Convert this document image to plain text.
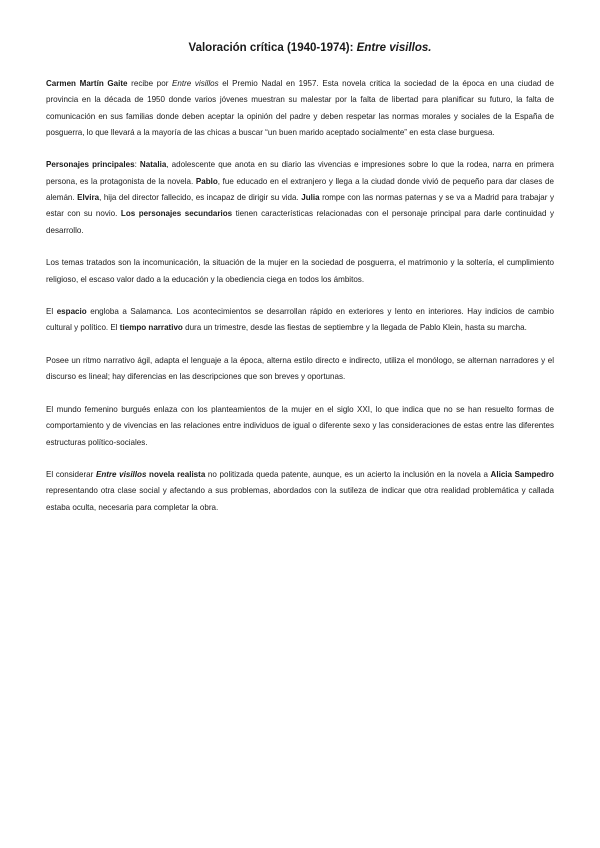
Valoración crítica (1940-1974): Entre visillos.

Carmen Martín Gaite recibe por Entre visillos el Premio Nadal en 1957. Esta novela critica la sociedad de la época en una ciudad de provincia en la década de 1950 donde varios jóvenes muestran su malestar por la falta de libertad para planificar su futuro, la falta de comunicación en sus familias donde deben aceptar la opinión del padre y deben respetar las normas morales y sociales de la España de posguerra, lo que llevará a la mayoría de las chicas a buscar “un buen marido aceptado socialmente” en esta clase burguesa.

Personajes principales: Natalia, adolescente que anota en su diario las vivencias e impresiones sobre lo que la rodea, narra en primera persona, es la protagonista de la novela. Pablo, fue educado en el extranjero y llega a la ciudad donde vivió de pequeño para dar clases de alemán. Elvira, hija del director fallecido, es incapaz de dirigir su vida. Julia rompe con las normas paternas y se va a Madrid para trabajar y estar con su novio. Los personajes secundarios tienen características relacionadas con el personaje principal para darle continuidad y desarrollo.

Los temas tratados son la incomunicación, la situación de la mujer en la sociedad de posguerra, el matrimonio y la soltería, el cumplimiento religioso, el escaso valor dado a la educación y la obediencia ciega en todos los ámbitos.

El espacio engloba a Salamanca. Los acontecimientos se desarrollan rápido en exteriores y lento en interiores. Hay indicios de cambio cultural y político. El tiempo narrativo dura un trimestre, desde las fiestas de septiembre y la llegada de Pablo Klein, hasta su marcha.

Posee un ritmo narrativo ágil, adapta el lenguaje a la época, alterna estilo directo e indirecto, utiliza el monólogo, se alternan narradores y el discurso es lineal; hay diferencias en las descripciones que son breves y oportunas.

El mundo femenino burgués enlaza con los planteamientos de la mujer en el siglo XXI, lo que indica que no se han resuelto formas de comportamiento y de vivencias en las relaciones entre individuos de igual o diferente sexo y las consideraciones de estas entre las diferentes estructuras político-sociales.

El considerar Entre visillos novela realista no politizada queda patente, aunque, es un acierto la inclusión en la novela a Alicia Sampedro representando otra clase social y afectando a sus problemas, abordados con la sutileza de indicar que otra realidad problemática y callada estaba oculta, necesaria para completar la obra.
